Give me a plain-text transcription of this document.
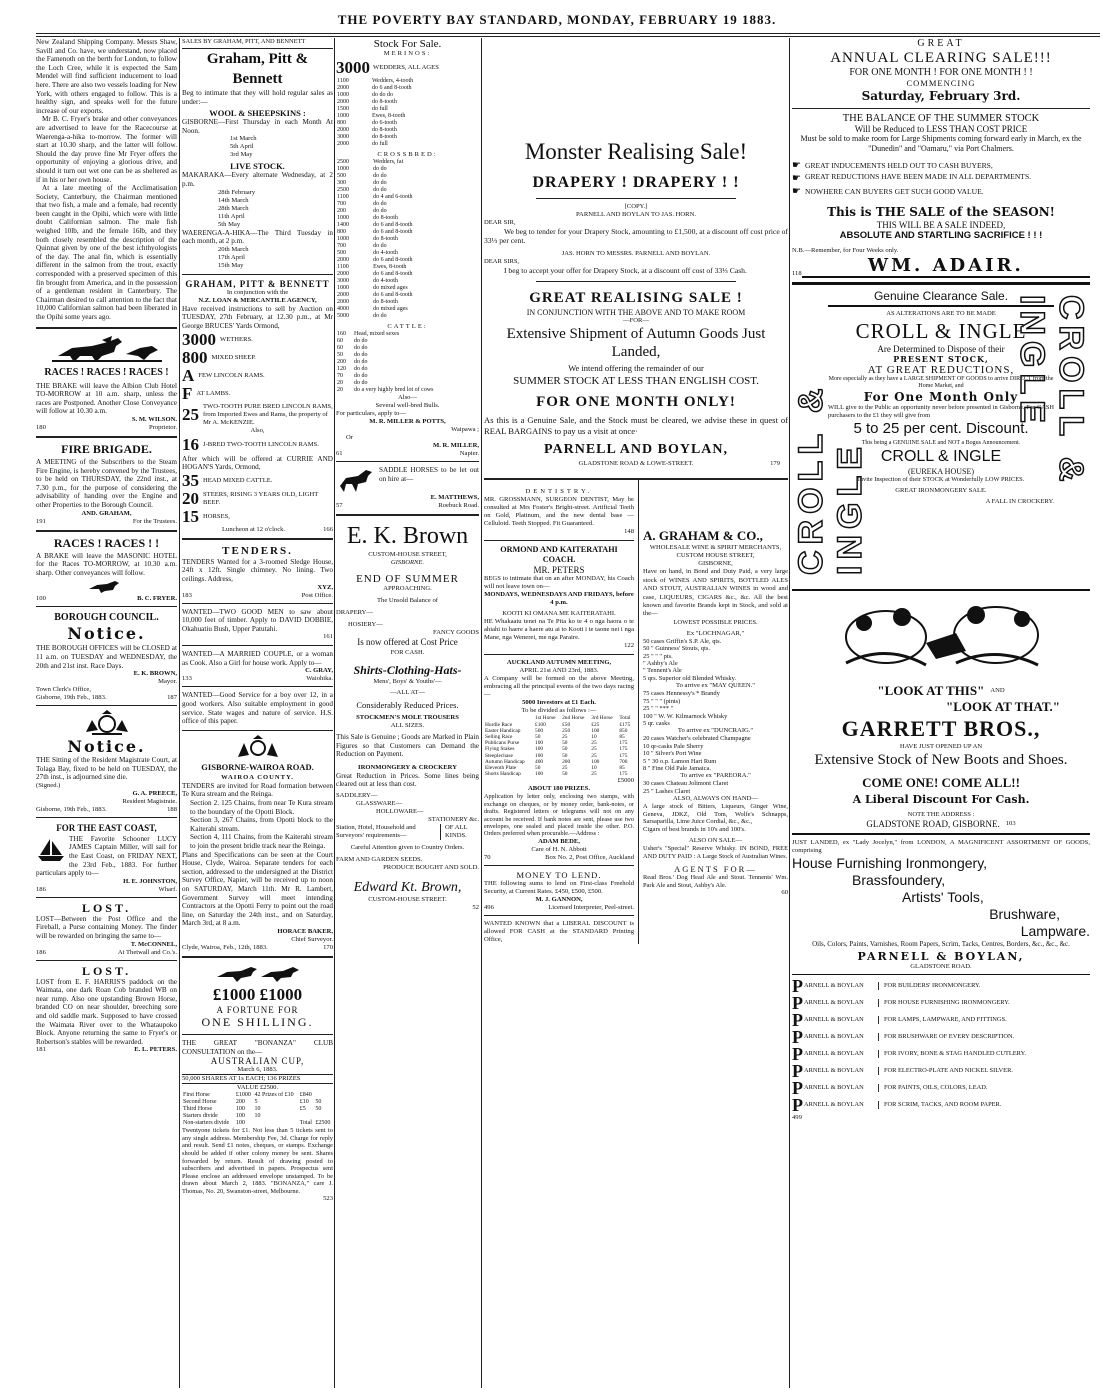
THE POVERTY BAY STANDARD, MONDAY, FEBRUARY 19 1883.

New Zealand Shipping Company. Messrs Shaw, Savill and Co. have, we understand, now placed the Famenoth on the berth for London, to follow the Loch Cree, while it is expected the Sam Mendel will find sufficient inducement to load here. There are also two vessels loading for New York, with others engaged to follow. This is a healthy sign, and speaks well for the future increase of our exports.

Mr B. C. Fryer's brake and other conveyances are advertised to leave for the Racecourse at Waerenga-a-hika to-morrow. The former will start at 10.30 sharp, and the latter will follow. Should the day prove fine Mr Fryer offers the opportunity of enjoying a glorious drive, and should it turn out wet one can be as sheltered as if in his or her own house.

At a late meeting of the Acclimatisation Society, Canterbury, the Chairman mentioned that two fish, a male and a female, had recently been caught in the Opihi, which were with little doubt Californian salmon. The male fish weighed 10lb, and the female 16lb, and they both closely resembled the description of the Quinnat given by one of the best ichthyologists of the day. The anal fin, which is essentially different in the salmon from the trout, exactly corresponded with a preserved specimen of this fin brought from America, and in the possession of a gentleman resident in Canterbury. The Chairman desired to call attention to the fact that 10,000 Californian salmon had been liberated in the Opihi some years ago.

RACES ! RACES ! RACES !

THE BRAKE will leave the Albion Club Hotel TO-MORROW at 10 a.m. sharp, unless the races are Postponed. Another Close Conveyance will follow at 10.30 a.m.

S. M. WILSON.
180	Proprietor.
FIRE BRIGADE.

A MEETING of the Subscribers to the Steam Fire Engine, is hereby convened by the Trustees, to be held on THURSDAY, the 22nd inst., at 7.30 p.m., for the purpose of considering the advisability of handing over the Engine and other Properties to the Borough Council.

AND. GRAHAM,
191	For the Trustees.
RACES ! RACES ! !

A BRAKE will leave the MASONIC HOTEL for the Races TO-MORROW, at 10.30 a.m. sharp. Other conveyances will follow.

100	B. C. FRYER.
BOROUGH COUNCIL.
Notice.

THE BOROUGH OFFICES will be CLOSED at 11 a.m. on TUESDAY and WEDNESDAY, the 20th and 21st inst. Race Days.

E. K. BROWN,
Mayor.
Town Clerk's Office,
Gisborne, 19th Feb., 1883.	187
Notice.

THE Sitting of the Resident Magistrate Court, at Tolaga Bay, fixed to be held on TUESDAY, the 27th inst., is adjourned sine die.

(Signed.)
G. A. PREECE,
Resident Magistrate.
Gisborne, 19th Feb., 1883.	188
FOR THE EAST COAST,

THE Favorite Schooner LUCY JAMES Captain Miller, will sail for the East Coast, on FRIDAY NEXT, the 23rd Feb., 1883. For further particulars apply to—

H. E. JOHNSTON,
186	Wharf.
LOST.

LOST—Between the Post Office and the Fireball, a Purse containing Money. The finder will be rewarded on bringing the same to—

T. McCONNEL,
186	At Thetwall and Co.'s.
LOST.

LOST from E. F. HARRIS'S paddock on the Waimata, one dark Roan Cob branded WB on near rump. Also one upstanding Brown Horse, branded CO on near shoulder, breeching sore and old saddle mark. Supposed to have crossed the Waimata River over to the Whataupoko Block. Anyone returning the same to Fryer's or Robertson's stables will be rewarded.

181	E. L. PETERS.
SALES BY GRAHAM, PITT, AND BENNETT
Graham, Pitt & Bennett

Beg to intimate that they will hold regular sales as under:—

WOOL & SHEEPSKINS :

GISBORNE—First Thursday in each Month At Noon.

1st March
5th April
3rd May
LIVE STOCK.

MAKARAKA—Every alternate Wednesday, at 2 p.m.

28th February
14th March
28th March
11th April
5th May

WAERENGA-A-HIKA—The Third Tuesday in each month, at 2 p.m.

20th March
17th April
15th May
GRAHAM, PITT & BENNETT
In conjunction with the
N.Z. LOAN & MERCANTILE AGENCY,

Have received instructions to sell by Auction on TUESDAY, 27th February, at 12.30 p.m., at Mr George BRUCES' Yards Ormond,

3000 WETHERS.
800 MIXED SHEEP.
A FEW LINCOLN RAMS.
F AT LAMBS.
25 TWO-TOOTH PURE BRED LINCOLN RAMS, from Imported Ewes and Rams, the property of Mr A. McKENZIE.
Also,
16 J-BRED TWO-TOOTH LINCOLN RAMS.

After which will be offered at CURRIE AND HOGAN'S Yards, Ormond,

35 HEAD MIXED CATTLE.
20 STEERS, RISING 3 YEARS OLD, LIGHT BEEF.
15 HORSES,
Luncheon at 12 o'clock.	166
TENDERS.

TENDERS Wanted for a 3-roomed Sledge House, 24ft x 12ft. Single chimney. No lining. Two ceilings. Address,

XYZ,
183	Post Office.

WANTED—TWO GOOD MEN to saw about 10,000 feet of timber. Apply to DAVID DOBBIE, Okahuatiu Bush, Upper Patutahi.

161

WANTED—A MARRIED COUPLE, or a woman as Cook. Also a Girl for house work. Apply to—

C. GRAY,
133	Waiohika.

WANTED—Good Service for a boy over 12, in a good workers. Also suitable employment in good service. State wages and nature of service. H.S. office of this paper.

GISBORNE-WAIROA ROAD.
WAIROA COUNTY.

TENDERS are invited for Road formation between Te Kura stream and the Reinga.

Section 2. 125 Chains, from near Te Kura stream to the boundary of the Opotti Block.

Section 3, 267 Chains, from Opotti block to the Kaiterahi stream.

Section 4, 111 Chains, from the Kaiterahi stream to join the present bridle track near the Reinga.

Plans and Specifications can be seen at the Court House, Clyde, Wairoa. Separate tenders for each section, addressed to the undersigned at the District Survey Office, Napier, will be received up to noon on SATURDAY, March 11th. Mr R. Lambert, Government Survey will meet intending Contractors at the Opotti Ferry to point out the road line, on Saturday the 24th inst., and on Saturday, March 3rd, at 8 a.m.

HORACE BAKER,
Chief Surveyor.
Clyde, Wairoa, Feb., 12th, 1883.	170
£1000 £1000
A FORTUNE FOR
ONE SHILLING.

THE GREAT "BONANZA" CLUB CONSULTATION on the—

AUSTRALIAN CUP,
March 6, 1883.
50,000 SHARES AT 1s EACH; 136 PRIZES
VALUE £2500.
First Horse	£1000	42 Prizes of £10	£840	
Second Horse	200	5	£10	50
Third Horse	100	10	£5	50
Starters divide	100	10		
Non-starters divide	100		Total	£2500

Twentyone tickets for £1. Not less than 5 tickets sent to any single address. Membership Fee, 3d. Charge for reply and result. Send £1 notes, cheques, or stamps. Exchange should be added if other colony money be sent. Shares forwarded by return. Result of drawing posted to subscribers and advertised in papers. Prospectus sent Please enclose an addressed envelope unstamped. To be drawn about March 2, 1883. "BONANZA," care J. Thomas, No. 20, Swanston-street, Melbourne.

523
Stock For Sale.
MERINOS:
3000 WEDDERS, ALL AGES
1100	Wedders, 4-tooth
2000	do 6 and 8-tooth
1000	do do do
2000	do 8-tooth
1500	do full
1000	Ewes, 8-tooth
800	do 6-tooth
2000	do 8-tooth
3000	do 8-tooth
2000	do full
CROSSBRED:
2500	Wedders, fat
1000	do do
500	do do
300	do do
2500	do do
1100	do 4 and 6-tooth
700	do do
200	do do
1000	do 8-tooth
1400	do 6 and 8-tooth
800	do 6 and 8-tooth
1000	do 8-tooth
700	do do
500	do 4-tooth
2000	do 6 and 8-tooth
1100	Ewes, 8-tooth
2000	do 6 and 8-tooth
3000	do 4-tooth
1000	do mixed ages
2000	do 6 and 8-tooth
2000	do 8-tooth
4000	do mixed ages
5000	do do
CATTLE:
160	Head, mixed sexes
60	do do
60	do do
50	do do
200	do do
120	do do
70	do do
20	do do
20	do a very highly bred lot of cows
Also—
Several well-bred Bulls.
For particulars, apply to—
M. R. MILLER & POTTS,
Waipawa ;
Or
M. R. MILLER,
61	Napier.

SADDLE HORSES to be let out on hire at—

E. MATTHEWS,
57	Roebuck Road.
E. K. Brown
CUSTOM-HOUSE STREET,
GISBORNE.
END OF SUMMER
APPROACHING.
The Unsold Balance of
DRAPERY—
HOSIERY—
FANCY GOODS
Is now offered at Cost Price
FOR CASH.
Shirts-Clothing-Hats-
Mens', Boys' & Youths'—
—ALL AT—
Considerably Reduced Prices.
STOCKMEN'S MOLE TROUSERS
ALL SIZES.

This Sale is Genuine ; Goods are Marked in Plain Figures so that Customers can Demand the Reduction on Payment.

IRONMONGERY & CROCKERY

Great Reduction in Prices. Some lines being cleared out at less than cost.

SADDLERY—
GLASSWARE—
HOLLOWARE—
STATIONERY &c.
Station, Hotel, Household and Surveyors' requirements—
OF ALL KINDS.
Careful Attention given to Country Orders.
FARM AND GARDEN SEEDS.
PRODUCE BOUGHT AND SOLD.
Edward Kt. Brown,
CUSTOM-HOUSE STREET.
52
Monster Realising Sale!
DRAPERY ! DRAPERY ! !
[COPY.]
PARNELL AND BOYLAN TO JAS. HORN.
DEAR SIR,

We beg to tender for your Drapery Stock, amounting to £1,500, at a discount off cost price of 33⅓ per cent.

JAS. HORN TO MESSRS. PARNELL AND BOYLAN.
DEAR SIRS,

I beg to accept your offer for Drapery Stock, at a discount off cost of 33⅓ Cash.

GREAT REALISING SALE !
IN CONJUNCTION WITH THE ABOVE AND TO MAKE ROOM
—FOR—
Extensive Shipment of Autumn Goods Just Landed,
We intend offering the remainder of our
SUMMER STOCK AT LESS THAN ENGLISH COST.
FOR ONE MONTH ONLY!

As this is a Genuine Sale, and the Stock must be cleared, we advise these in quest of REAL BARGAINS to pay us a visit at once·

PARNELL AND BOYLAN,
GLADSTONE ROAD & LOWE-STREET.	179
DENTISTRY.

MR. GROSSMANN, SURGEON DENTIST, May be consulted at Mrs Foster's Bright-street. Artificial Teeth on Gold, Platinum, and the new dental base — Celluloid. Teeth Stopped. Fit Guaranteed.

148
ORMOND AND KAITERATAHI COACH.
MR. PETERS

BEGS to intimate that on an after MONDAY, his Coach will not leave town on—

MONDAYS, WEDNESDAYS AND FRIDAYS, before 4 p.m.
KOOTI KI OMANA ME KAITERATAHI.

HE Whakaatu tenei na Te Pita ko te 4 o nga haora o te ahiahi to haere a haere atu ai to Kooti i te taone nei i nga Mane, nga Wenerei, me nga Paraire.

122
AUCKLAND AUTUMN MEETING,
APRIL 21st AND 23rd, 1883.

A Company will be formed on the above Meeting, embracing all the principal events of the two days racing—

5000 Investors at £1 Each.
To be divided as follows :—
	1st Horse	2nd Horse	3rd Horse	Total
Hurdle Race	£100	£50	£25	£175
Easter Handicap	500	250	100	850
Selling Race	50	25	10	85
Publicans Purse	100	50	25	175
Flying Stakes	100	50	25	175
Steeplechase	100	50	25	175
Autumn Handicap	400	200	100	700
Eleventh Plate	50	25	10	85
Shorts Handicap	100	50	25	175
£5000
ABOUT 180 PRIZES.

Application by letter only, enclosing two stamps, with exchange on cheques, or by money order, bank-notes, or drafts. Registered letters or telegrams will not on any account be received. If bank notes are sent, please use two envelopes, one sealed and placed inside the other. P.O. Orders preferred when procurable.—Address :

ADAM BEDE,
Care of H. N. Abbott
70	Box No. 2, Post Office, Auckland
MONEY TO LEND.

THE following sums to lend on First-class Freehold Security, at Current Rates. £450, £500, £500.

M. J. GANNON,
496	Licensed Interpreter, Peel-street.

WANTED KNOWN that a LIBERAL DISCOUNT is allowed FOR CASH at the STANDARD Printing Office,

A. GRAHAM & CO.,
WHOLESALE WINE & SPIRIT MERCHANTS,
CUSTOM HOUSE STREET,
GISBORNE,

Have on hand, in Bond and Duty Paid, a very large stock of WINES AND SPIRITS, BOTTLED ALES AND STOUT, AUSTRALIAN WINES in wood and case, LIQUEURS, CIGARS &c., &c. All the best known and favorite Brands kept in Stock, and sold at the—

LOWEST POSSIBLE PRICES.
Ex "LOCHNAGAR,"
50 cases Griffin's S.P. Ale, qts.
50 " Guinness' Stouts, qts.
25 " " " pts.
" Ashby's Ale
" Tennent's Ale
5 qrs. Superior old Blended Whisky.
To arrive ex "MAY QUEEN."
75 cases Hennessy's * Brandy
75 " " " (pints)
25 " " *** "
100 " W. W. Kilmarnock Whisky
5 qr. casks
To arrive ex "DUNCRAIG."
20 cases Watcher's celebrated Champagne
10 qr-casks Pale Sherry
10 " Silver's Port Wine
5 " 30 o.p. Lamon Hart Rum
8 " Fine Old Pale Jamaica.
To arrive ex "PAREORA."
30 cases Chateau Jolimont Claret
25 " Lashes Claret
ALSO, ALWAYS ON HAND—

A large stock of Bitters, Liqueurs, Ginger Wine, Geneva, JDKZ, Old Tom, Wolfe's Schnapps, Sarsaparilla, Lime Juice Cordial, &c., &c.,

Cigars of best brands in 10's and 100's.
ALSO ON SALE—

Usher's "Special" Reserve Whisky. IN BOND, FREE AND DUTY PAID : A Large Stock of Australian Wines.

AGENTS FOR—

Read Bros.' Dog Head Ale and Stout. Tennents' Wm. Park Ale and Stout, Ashby's Ale.

60
GREAT
ANNUAL CLEARING SALE!!!
FOR ONE MONTH ! FOR ONE MONTH ! !
COMMENCING
Saturday, February 3rd.
THE BALANCE OF THE SUMMER STOCK
Will be Reduced to LESS THAN COST PRICE

Must be sold to make room for Large Shipments coming forward early in March, ex the "Dunedin" and "Oamaru," via Port Chalmers.

☛ GREAT INDUCEMENTS HELD OUT TO CASH BUYERS,
☛ GREAT REDUCTIONS HAVE BEEN MADE IN ALL DEPARTMENTS.
☛ NOWHERE CAN BUYERS GET SUCH GOOD VALUE.
This is THE SALE of the SEASON!
THIS WILL BE A SALE INDEED,
ABSOLUTE AND STARTLING SACRIFICE ! ! !
N.B.—Remember, for Four Weeks only.
118	WM. ADAIR.
CROLL & INGLE
CROLL & INGLE
Genuine Clearance Sale.
AS ALTERATIONS ARE TO BE MADE
CROLL & INGLE
Are Determined to Dispose of their
PRESENT STOCK,
AT GREAT REDUCTIONS,
More especially as they have a LARGE SHIPMENT OF GOODS to arrive DIRECT from the Home Market, and
For One Month Only

WILL give to the Public an opportunity never before presented in Gisborne. For CASH purchasers to the £1 they will give from

5 to 25 per cent. Discount.
This being a GENUINE SALE and NOT a Bogus Announcement.
CROLL & INGLE
(EUREKA HOUSE)
Invite Inspection of their STOCK at Wonderfully LOW PRICES.
GREAT IRONMONGERY SALE.
A FALL IN CROCKERY.
"LOOK AT THIS" AND
"LOOK AT THAT."
GARRETT BROS.,
HAVE JUST OPENED UP AN
Extensive Stock of New Boots and Shoes.
COME ONE! COME ALL!!
A Liberal Discount For Cash.
NOTE THE ADDRESS :
GLADSTONE ROAD, GISBORNE. 103

JUST LANDED, ex "Lady Jocelyn," from LONDON, A MAGNIFICENT ASSORTMENT OF GOODS, comprising

House Furnishing Ironmongery,
Brassfoundery,
Artists' Tools,
Brushware,
Lampware.
Oils, Colors, Paints, Varnishes, Room Papers, Scrim, Tacks, Centres, Borders, &c., &c., &c.
PARNELL & BOYLAN,
GLADSTONE ROAD.
P ARNELL & BOYLAN	FOR BUILDERS' IRONMONGERY.
P ARNELL & BOYLAN	FOR HOUSE FURNISHING IRONMONGERY.
P ARNELL & BOYLAN	FOR LAMPS, LAMPWARE, AND FITTINGS.
P ARNELL & BOYLAN	FOR BRUSHWARE OF EVERY DESCRIPTION.
P ARNELL & BOYLAN	FOR IVORY, BONE & STAG HANDLED CUTLERY.
P ARNELL & BOYLAN	FOR ELECTRO-PLATE AND NICKEL SILVER.
P ARNELL & BOYLAN	FOR PAINTS, OILS, COLORS, LEAD.
P ARNELL & BOYLAN	FOR SCRIM, TACKS, AND ROOM PAPER.
499
